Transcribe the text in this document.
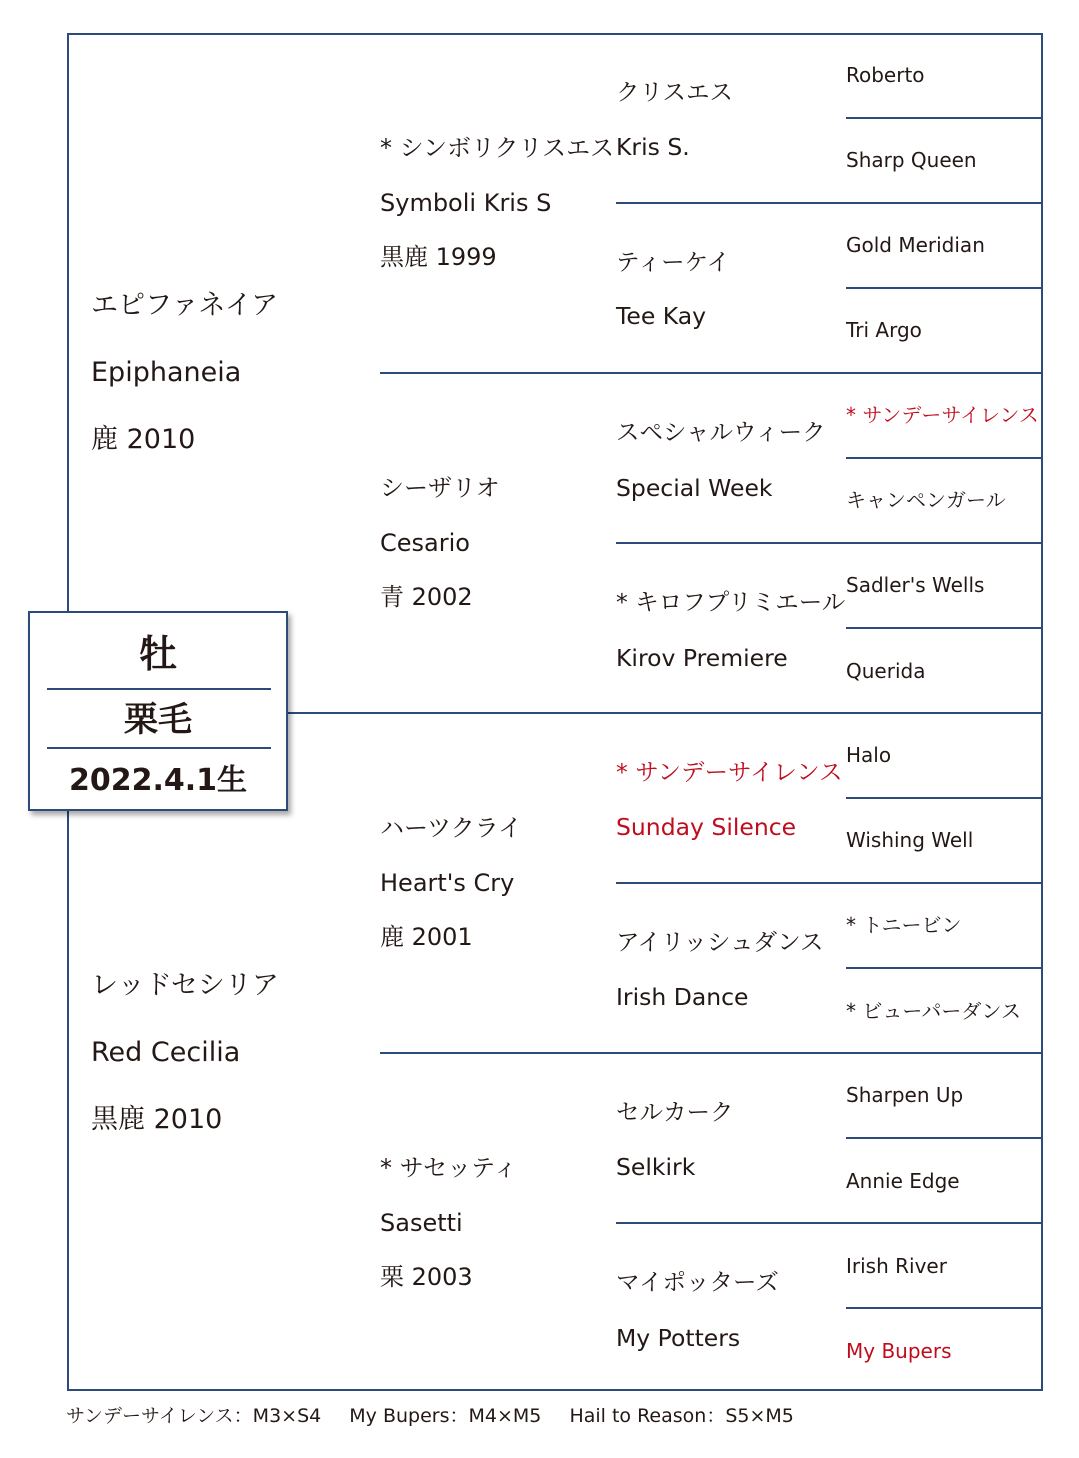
エピファネイア
Epiphaneia
鹿 2010
レッドセシリア
Red Cecilia
黒鹿 2010
* シンボリクリスエス
Symboli Kris S
黒鹿 1999
シーザリオ
Cesario
青 2002
ハーツクライ
Heart's Cry
鹿 2001
* サセッティ
Sasetti
栗 2003
クリスエス
Kris S.
ティーケイ
Tee Kay
スペシャルウィーク
Special Week
* キロフプリミエール
Kirov Premiere
* サンデーサイレンス
Sunday Silence
アイリッシュダンス
Irish Dance
セルカーク
Selkirk
マイポッターズ
My Potters
Roberto
Sharp Queen
Gold Meridian
Tri Argo
* サンデーサイレンス
キャンペンガール
Sadler's Wells
Querida
Halo
Wishing Well
* トニービン
* ビューパーダンス
Sharpen Up
Annie Edge
Irish River
My Bupers
牡
栗毛
2022.4.1生
サンデーサイレンス：M3×S4 My Bupers：M4×M5 Hail to Reason：S5×M5
